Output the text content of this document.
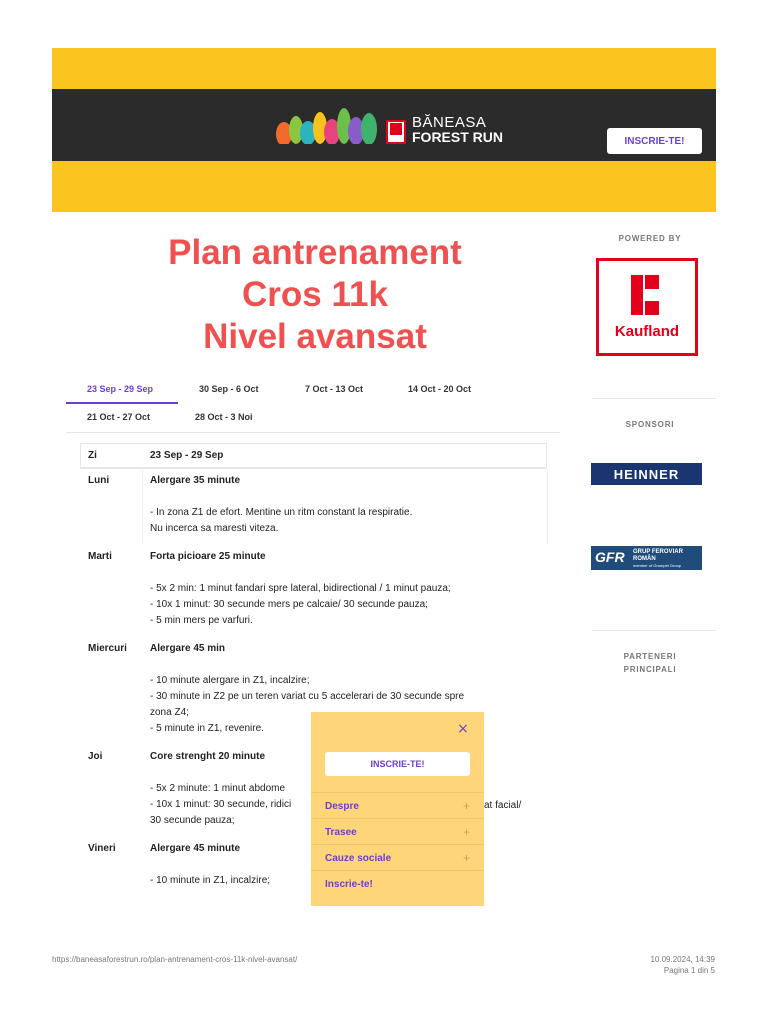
BĂNEASA
FOREST RUN	INSCRIE-TE!
Plan antrenament
Cros 11k
Nivel avansat
23 Sep - 29 Sep	30 Sep - 6 Oct	7 Oct - 13 Oct	14 Oct - 20 Oct
21 Oct - 27 Oct	28 Oct - 3 Noi
Zi	23 Sep - 29 Sep
Luni	Alergare 35 minute
- In zona Z1 de efort. Mentine un ritm constant la respiratie.
Nu incerca sa maresti viteza.
Marti	Forta picioare 25 minute
- 5x 2 min: 1 minut fandari spre lateral, bidirectional / 1 minut pauza;
- 10x 1 minut: 30 secunde mers pe calcaie/ 30 secunde pauza;
- 5 min mers pe varfuri.
Miercuri Alergare 45 min
- 10 minute alergare in Z1, incalzire;
- 30 minute in Z2 pe un teren variat cu 5 accelerari de 30 secunde spre
zona Z4;
- 5 minute in Z1, revenire.
Joi	Core strenght 20 minute
- 5x 2 minute: 1 minut abdome
- 10x 1 minut: 30 secunde, ridici
30 secunde pauza;
at facial/
Vineri	Alergare 45 minute
- 10 minute in Z1, incalzire;
POWERED BY
Kaufland
SPONSORI
HEINNER
GFR GRUP FEROVIAR
ROMÂN
member of Grampet Group
PARTENERI
PRINCIPALI
×
INSCRIE-TE!
Despre	+
Trasee	+
Cauze sociale	+
Inscrie-te!
https://baneasaforestrun.ro/plan-antrenament-cros-11k-nivel-avansat/	10.09.2024, 14:39
Pagina 1 din 5
